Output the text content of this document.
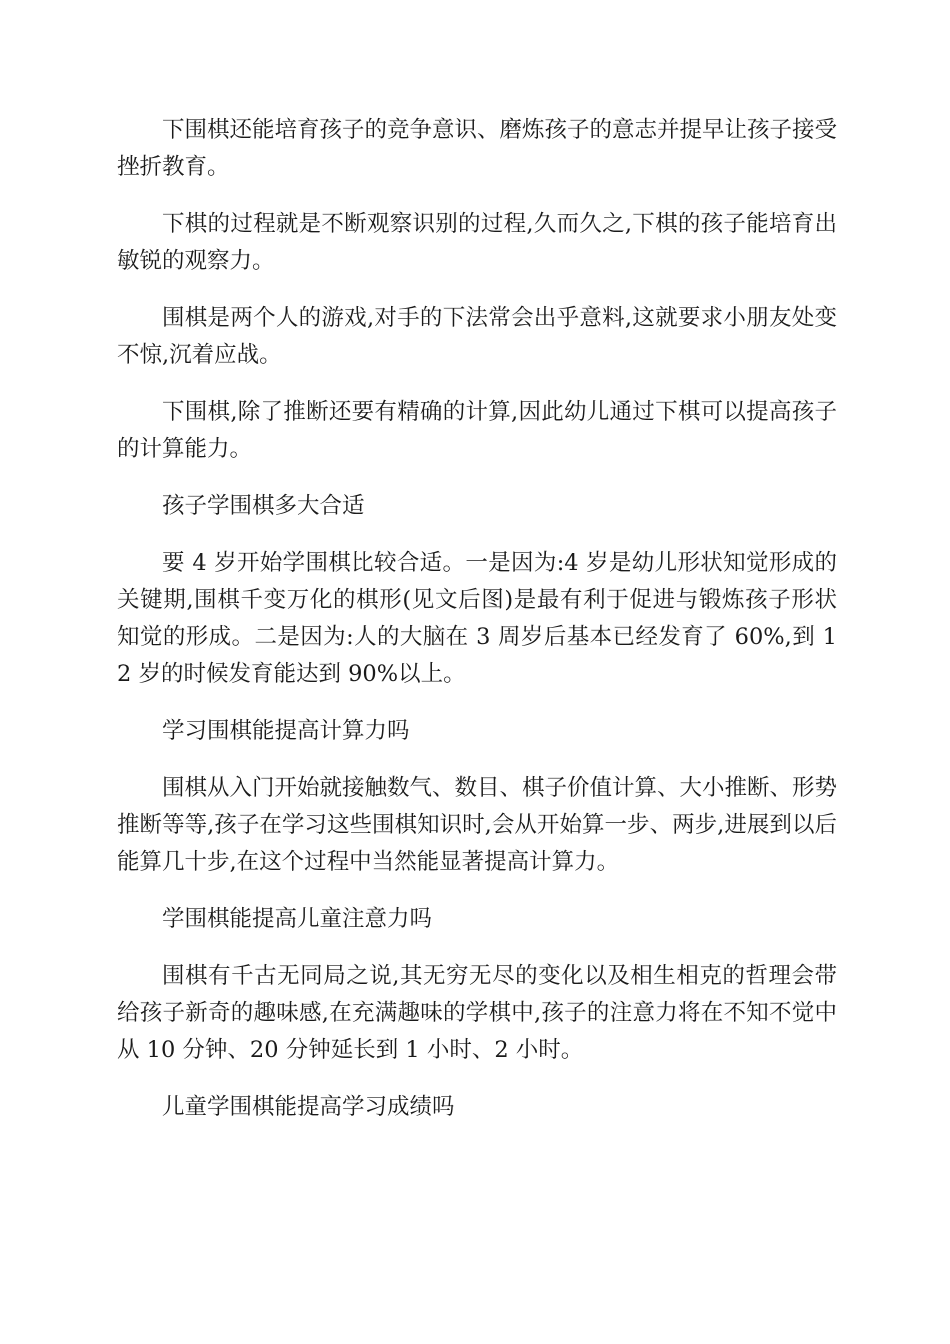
下围棋还能培育孩子的竞争意识、磨炼孩子的意志并提早让孩子接受挫折教育。

下棋的过程就是不断观察识别的过程,久而久之,下棋的孩子能培育出敏锐的观察力。

围棋是两个人的游戏,对手的下法常会出乎意料,这就要求小朋友处变不惊,沉着应战。

下围棋,除了推断还要有精确的计算,因此幼儿通过下棋可以提高孩子的计算能力。

孩子学围棋多大合适

要 4 岁开始学围棋比较合适。一是因为:4 岁是幼儿形状知觉形成的关键期,围棋千变万化的棋形(见文后图)是最有利于促进与锻炼孩子形状知觉的形成。二是因为:人的大脑在 3 周岁后基本已经发育了 60%,到 12 岁的时候发育能达到 90%以上。

学习围棋能提高计算力吗

围棋从入门开始就接触数气、数目、棋子价值计算、大小推断、形势推断等等,孩子在学习这些围棋知识时,会从开始算一步、两步,进展到以后能算几十步,在这个过程中当然能显著提高计算力。

学围棋能提高儿童注意力吗

围棋有千古无同局之说,其无穷无尽的变化以及相生相克的哲理会带给孩子新奇的趣味感,在充满趣味的学棋中,孩子的注意力将在不知不觉中从 10 分钟、20 分钟延长到 1 小时、2 小时。

儿童学围棋能提高学习成绩吗
